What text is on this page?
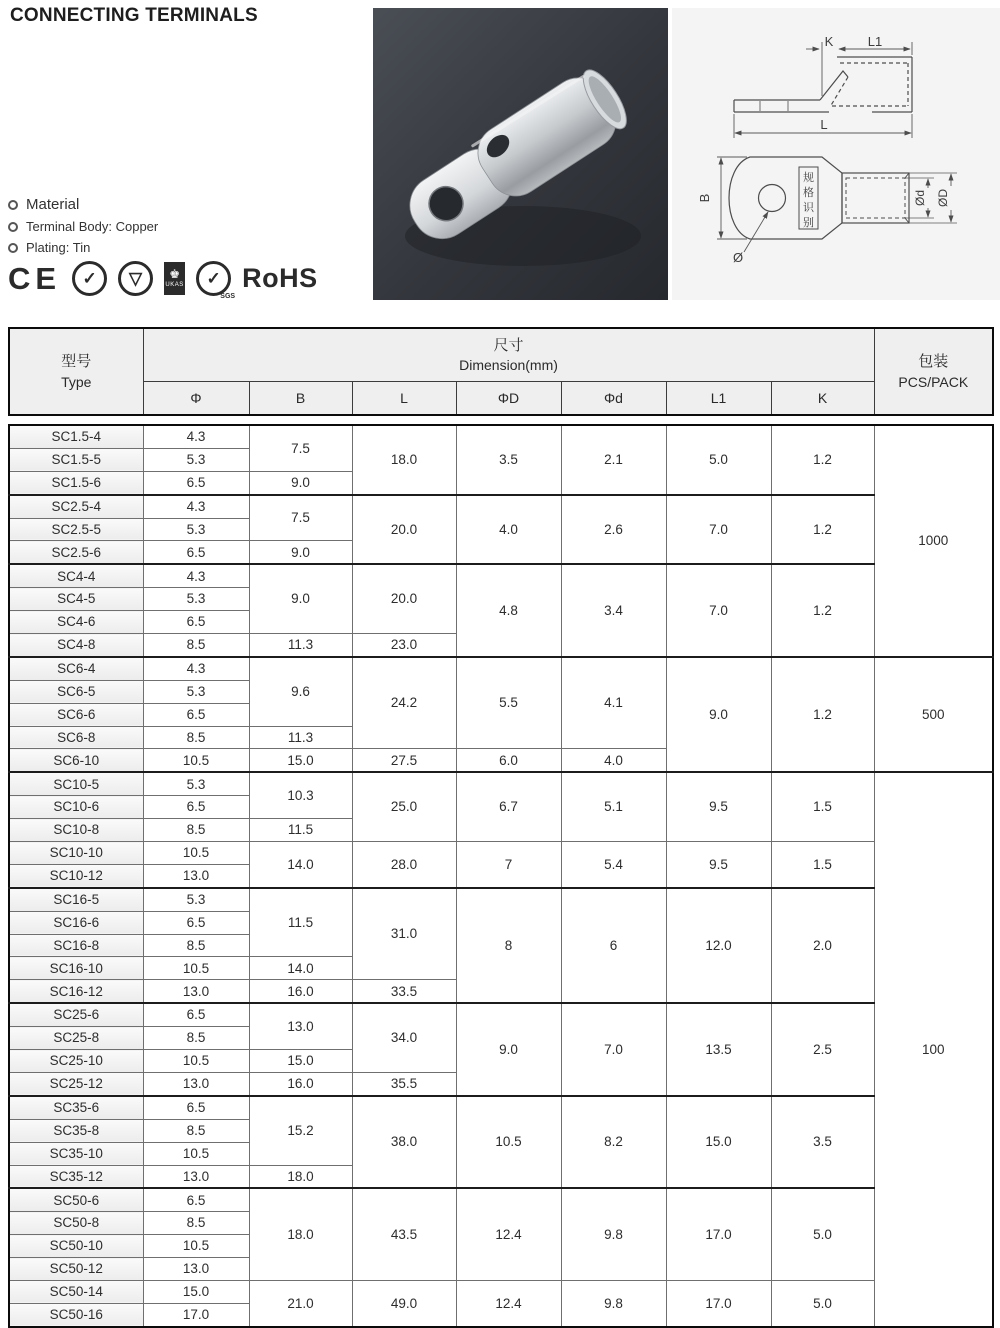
CONNECTING TERMINALS
K	L1
L
规
格
识
别
B
Ø
Ød ØD
Material
Terminal Body: Copper
Plating: Tin
CE	✓	▽	♚
UKAS	✓
SGS
RoHS
型号
Type

尺寸
Dimension(mm)	包装
PCS/PACK

	Φ	B	L	ΦD	Φd	L1	K	
SC1.5-4	4.3	7.5	18.0	3.5	2.1	5.0	1.2	1000
SC1.5-5	5.3							
SC1.5-6	6.5	9.0						
SC2.5-4	4.3	7.5	20.0	4.0	2.6	7.0	1.2	
SC2.5-5	5.3							
SC2.5-6	6.5	9.0						
SC4-4	4.3	9.0	20.0	4.8	3.4	7.0	1.2	
SC4-5	5.3							
SC4-6	6.5							
SC4-8	8.5	11.3	23.0					
SC6-4	4.3	9.6	24.2	5.5	4.1	9.0	1.2	500
SC6-5	5.3							
SC6-6	6.5							
SC6-8	8.5	11.3						
SC6-10	10.5	15.0	27.5	6.0	4.0			
SC10-5	5.3	10.3	25.0	6.7	5.1	9.5	1.5	100
SC10-6	6.5							
SC10-8	8.5	11.5						
SC10-10	10.5	14.0	28.0	7	5.4	9.5	1.5	
SC10-12	13.0							
SC16-5	5.3	11.5	31.0	8	6	12.0	2.0	
SC16-6	6.5							
SC16-8	8.5							
SC16-10	10.5	14.0						
SC16-12	13.0	16.0	33.5					
SC25-6	6.5	13.0	34.0	9.0	7.0	13.5	2.5	
SC25-8	8.5							
SC25-10	10.5	15.0						
SC25-12	13.0	16.0	35.5					
SC35-6	6.5	15.2	38.0	10.5	8.2	15.0	3.5	
SC35-8	8.5							
SC35-10	10.5							
SC35-12	13.0	18.0						
SC50-6	6.5	18.0	43.5	12.4	9.8	17.0	5.0	
SC50-8	8.5							
SC50-10	10.5							
SC50-12	13.0							
SC50-14	15.0	21.0	49.0	12.4	9.8	17.0	5.0	
SC50-16	17.0							
